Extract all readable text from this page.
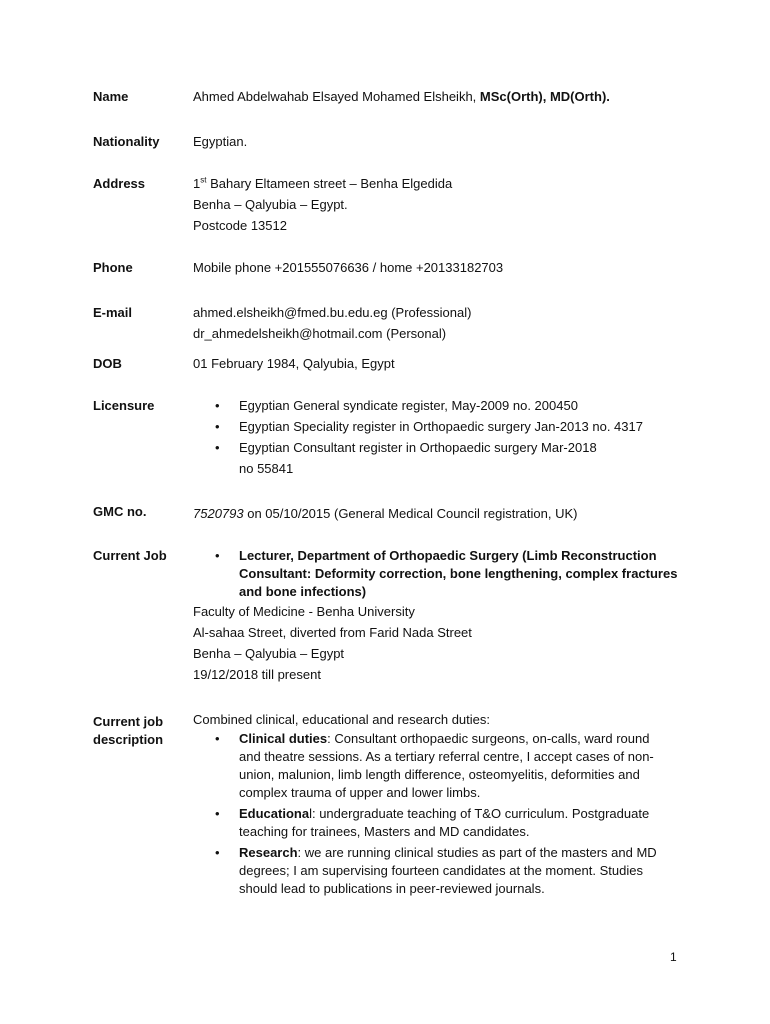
Name	Ahmed Abdelwahab Elsayed Mohamed Elsheikh, MSc(Orth), MD(Orth).
Nationality	Egyptian.
Address	1st Bahary Eltameen street – Benha Elgedida
Benha – Qalyubia – Egypt.
Postcode 13512
Phone	Mobile phone +201555076636 / home +20133182703
E-mail	ahmed.elsheikh@fmed.bu.edu.eg (Professional)
dr_ahmedelsheikh@hotmail.com (Personal)
DOB	01 February 1984, Qalyubia, Egypt
Licensure
•	Egyptian General syndicate register, May-2009 no. 200450
• Egyptian Speciality register in Orthopaedic surgery Jan-2013 no. 4317
• Egyptian Consultant register in Orthopaedic surgery Mar-2018
no 55841
GMC no.	7520793 on 05/10/2015 (General Medical Council registration, UK)
Current Job	• Lecturer, Department of Orthopaedic Surgery (Limb Reconstruction
Consultant: Deformity correction, bone lengthening, complex fractures
and bone infections)
Faculty of Medicine - Benha University
Al-sahaa Street, diverted from Farid Nada Street
Benha – Qalyubia – Egypt
19/12/2018 till present
Current job
description
Combined clinical, educational and research duties:
• Clinical duties: Consultant orthopaedic surgeons, on-calls, ward round
and theatre sessions. As a tertiary referral centre, I accept cases of non-
union, malunion, limb length difference, osteomyelitis, deformities and
complex trauma of upper and lower limbs.
• Educational: undergraduate teaching of T&O curriculum. Postgraduate
teaching for trainees, Masters and MD candidates.
• Research: we are running clinical studies as part of the masters and MD
degrees; I am supervising fourteen candidates at the moment. Studies
should lead to publications in peer-reviewed journals.
1
